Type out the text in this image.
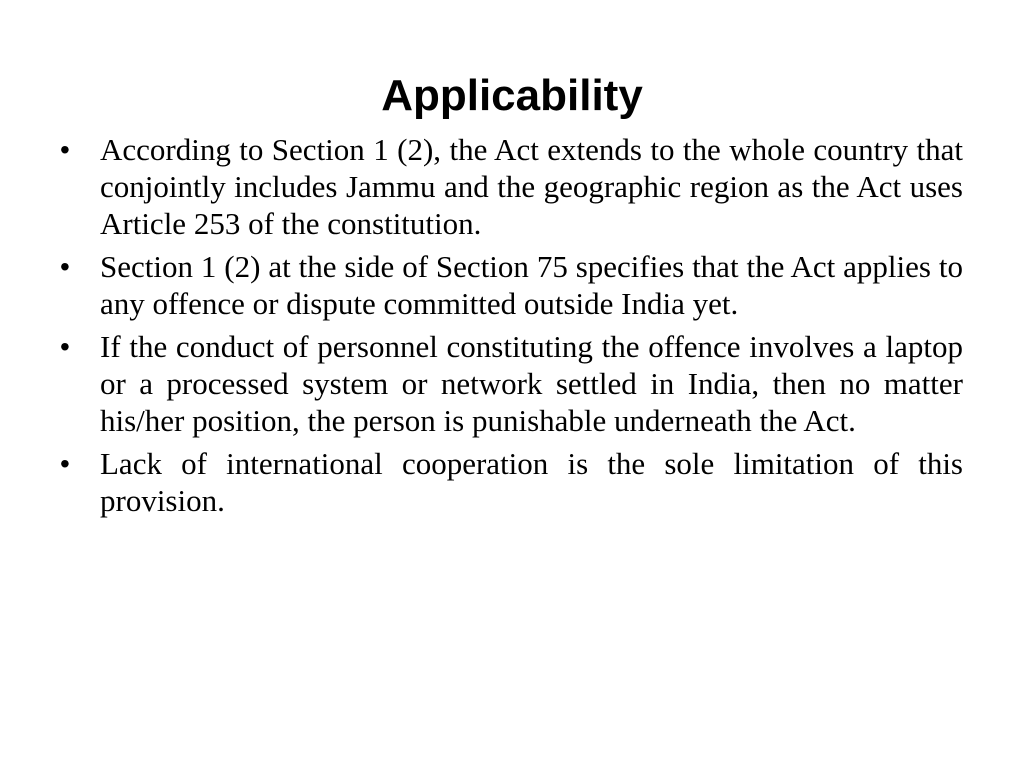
Applicability
• According to Section 1 (2), the Act extends to the whole country that conjointly includes Jammu and the geographic region as the Act uses Article 253 of the constitution.
• Section 1 (2) at the side of Section 75 specifies that the Act applies to any offence or dispute committed outside India yet.
• If the conduct of personnel constituting the offence involves a laptop or a processed system or network settled in India, then no matter his/her position, the person is punishable underneath the Act.
• Lack of international cooperation is the sole limitation of this provision.
